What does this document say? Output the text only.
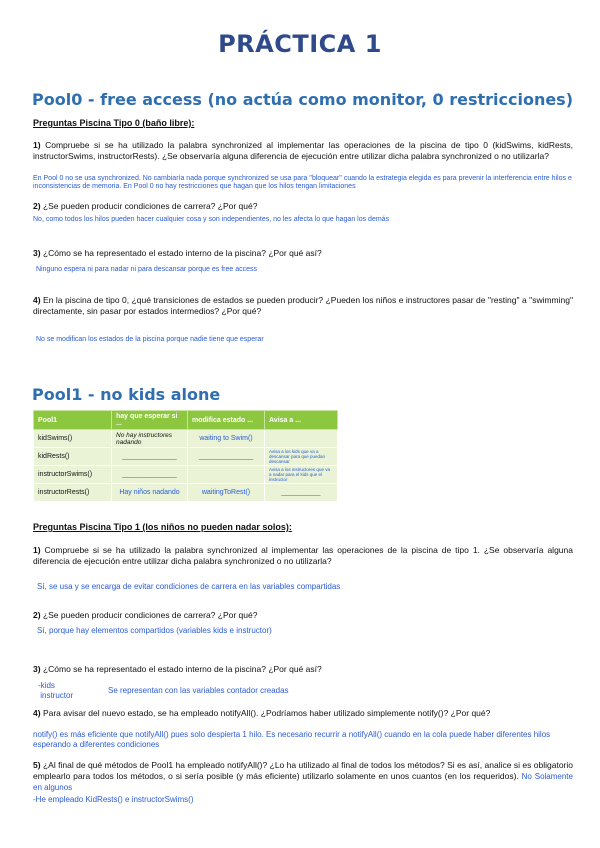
PRÁCTICA 1
Pool0 - free access (no actúa como monitor, 0 restricciones)
Preguntas Piscina Tipo 0 (baño libre):
1) Compruebe si se ha utilizado la palabra synchronized al implementar las operaciones de la piscina de tipo 0 (kidSwims, kidRests, instructorSwims, instructorRests). ¿Se observaría alguna diferencia de ejecución entre utilizar dicha palabra synchronized o no utilizarla?
En Pool 0 no se usa synchronized. No cambiaría nada porque synchronized se usa para ''bloquear'' cuando la estrategia elegida es para prevenir la interferencia entre hilos e inconsistencias de memoria. En Pool 0 no hay restricciones que hagan que los hilos tengan limitaciones
2) ¿Se pueden producir condiciones de carrera? ¿Por qué?
No, como todos los hilos pueden hacer cualquier cosa y son independientes, no les afecta lo que hagan los demás
3) ¿Cómo se ha representado el estado interno de la piscina? ¿Por qué así?
Ninguno espera ni para nadar ni para descansar porque es free access
4) En la piscina de tipo 0, ¿qué transiciones de estados se pueden producir? ¿Pueden los niños e instructores pasar de "resting" a "swimming" directamente, sin pasar por estados intermedios? ¿Por qué?
No se modifican los estados de la piscina porque nadie tiene que esperar
Pool1 - no kids alone
Pool1	hay que esperar si ...	modifica estado ...	Avisa a ...
kidSwims()	No hay instructores nadando	waiting to Swim()	
kidRests()	______________	______________	Avisa a los kids que va a descansar para que puedan descansar
instructorSwims()	______________		Avisa a los instructores que va a nadar para el kids que el instructor
instructorRests()	Hay niños nadando	waitingToRest()	__________
Preguntas Piscina Tipo 1 (los niños no pueden nadar solos):
1) Compruebe si se ha utilizado la palabra synchronized al implementar las operaciones de la piscina de tipo 1. ¿Se observaría alguna diferencia de ejecución entre utilizar dicha palabra synchronized o no utilizarla?
Sí, se usa y se encarga de evitar condiciones de carrera en las variables compartidas
2) ¿Se pueden producir condiciones de carrera? ¿Por qué?
Sí, porque hay elementos compartidos (variables kids e instructor)
3) ¿Cómo se ha representado el estado interno de la piscina? ¿Por qué así?
-kids
instructor
Se representan con las variables contador creadas
4) Para avisar del nuevo estado, se ha empleado notifyAll(). ¿Podríamos haber utilizado simplemente notify()? ¿Por qué?
notify() es más eficiente que notifyAll() pues solo despierta 1 hilo. Es necesario recurrir a notifyAll() cuando en la cola puede haber diferentes hilos esperando a diferentes condiciones
5) ¿Al final de qué métodos de Pool1 ha empleado notifyAll()? ¿Lo ha utilizado al final de todos los métodos? Si es así, analice si es obligatorio emplearlo para todos los métodos, o si sería posible (y más eficiente) utilizarlo solamente en unos cuantos (en los requeridos). No Solamente en algunos
-He empleado KidRests() e instructorSwims()
